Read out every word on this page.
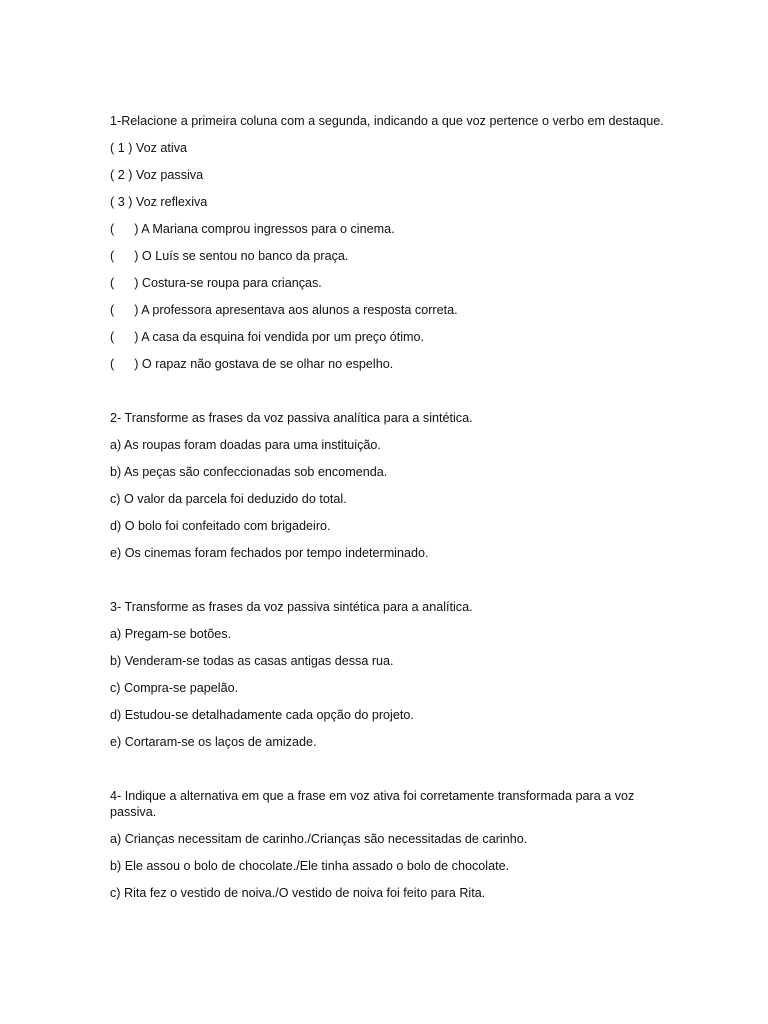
1-Relacione a primeira coluna com a segunda, indicando a que voz pertence o verbo em destaque.
( 1 ) Voz ativa
( 2 ) Voz passiva
( 3 ) Voz reflexiva
( ) A Mariana comprou ingressos para o cinema.
( ) O Luís se sentou no banco da praça.
( ) Costura-se roupa para crianças.
( ) A professora apresentava aos alunos a resposta correta.
( ) A casa da esquina foi vendida por um preço ótimo.
( ) O rapaz não gostava de se olhar no espelho.
2- Transforme as frases da voz passiva analítica para a sintética.
a) As roupas foram doadas para uma instituição.
b) As peças são confeccionadas sob encomenda.
c) O valor da parcela foi deduzido do total.
d) O bolo foi confeitado com brigadeiro.
e) Os cinemas foram fechados por tempo indeterminado.
3- Transforme as frases da voz passiva sintética para a analítica.
a) Pregam-se botões.
b) Venderam-se todas as casas antigas dessa rua.
c) Compra-se papelão.
d) Estudou-se detalhadamente cada opção do projeto.
e) Cortaram-se os laços de amizade.
4- Indique a alternativa em que a frase em voz ativa foi corretamente transformada para a voz passiva.
a) Crianças necessitam de carinho./Crianças são necessitadas de carinho.
b) Ele assou o bolo de chocolate./Ele tinha assado o bolo de chocolate.
c) Rita fez o vestido de noiva./O vestido de noiva foi feito para Rita.
